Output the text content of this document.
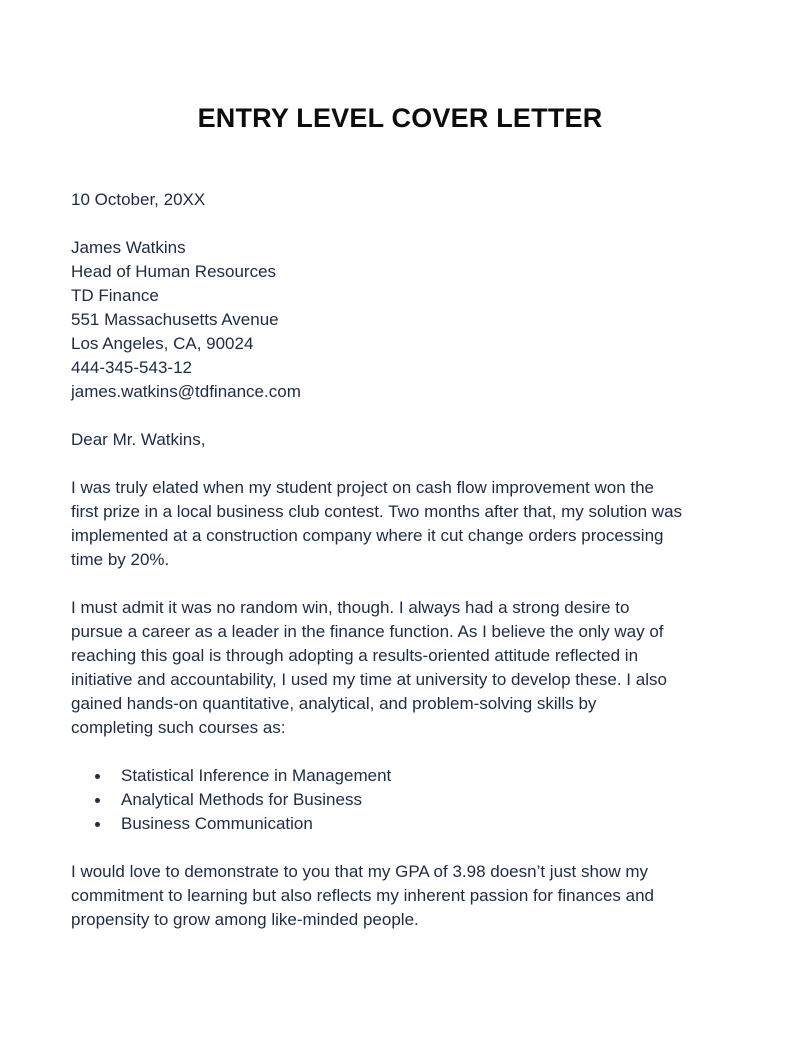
ENTRY LEVEL COVER LETTER
10 October, 20XX
James Watkins
Head of Human Resources
TD Finance
551 Massachusetts Avenue
Los Angeles, CA, 90024
444-345-543-12
james.watkins@tdfinance.com
Dear Mr. Watkins,

I was truly elated when my student project on cash flow improvement won the
first prize in a local business club contest. Two months after that, my solution was
implemented at a construction company where it cut change orders processing
time by 20%.

I must admit it was no random win, though. I always had a strong desire to
pursue a career as a leader in the finance function. As I believe the only way of
reaching this goal is through adopting a results-oriented attitude reflected in
initiative and accountability, I used my time at university to develop these. I also
gained hands-on quantitative, analytical, and problem-solving skills by
completing such courses as:

Statistical Inference in Management
Analytical Methods for Business
Business Communication

I would love to demonstrate to you that my GPA of 3.98 doesn’t just show my
commitment to learning but also reflects my inherent passion for finances and
propensity to grow among like-minded people.
